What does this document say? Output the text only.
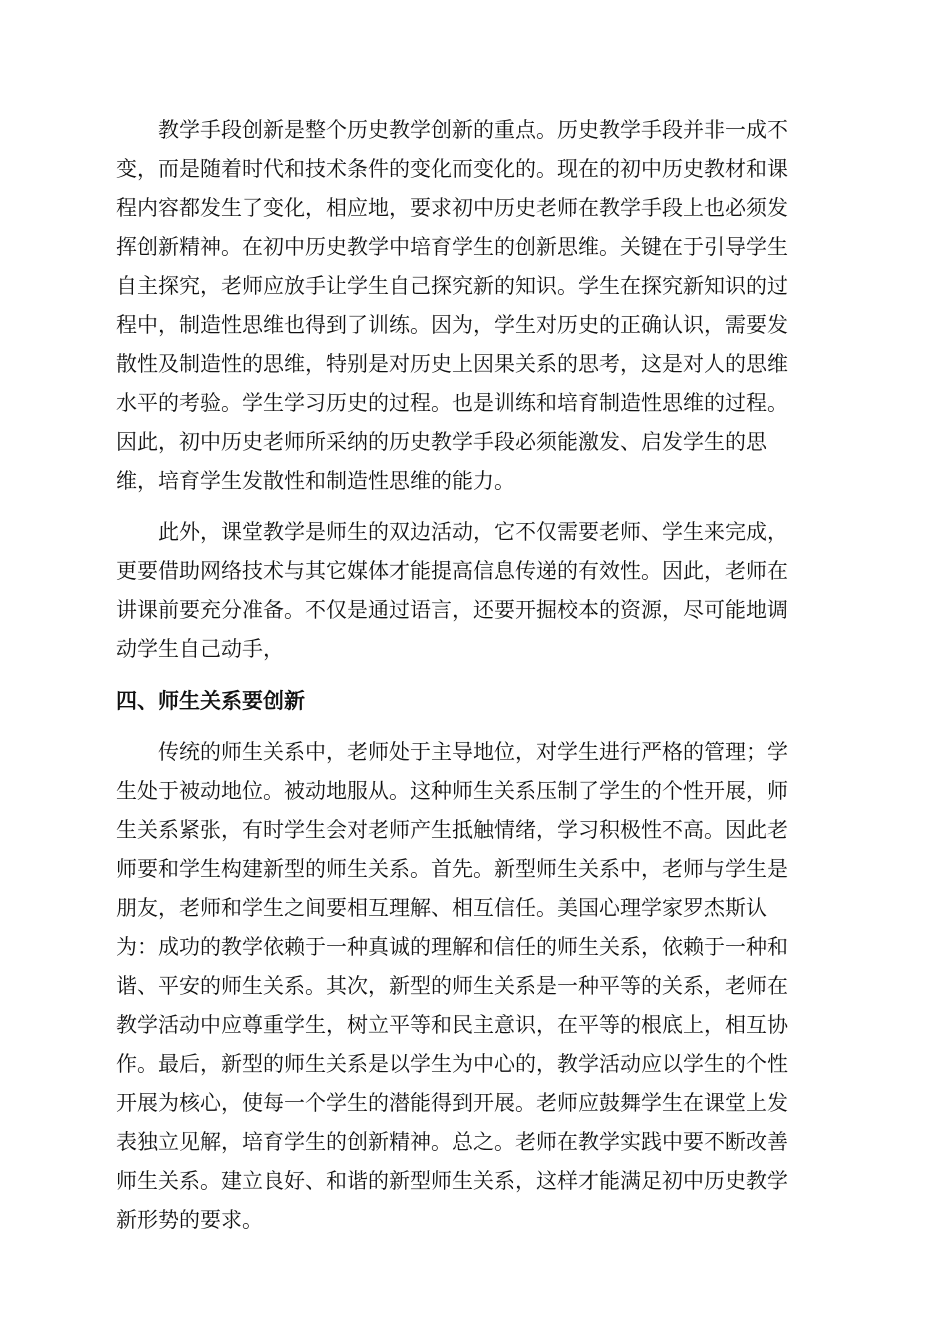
　　教学手段创新是整个历史教学创新的重点。历史教学手段并非一成不

变，而是随着时代和技术条件的变化而变化的。现在的初中历史教材和课

程内容都发生了变化，相应地，要求初中历史老师在教学手段上也必须发

挥创新精神。在初中历史教学中培育学生的创新思维。关键在于引导学生

自主探究，老师应放手让学生自己探究新的知识。学生在探究新知识的过

程中，制造性思维也得到了训练。因为，学生对历史的正确认识，需要发

散性及制造性的思维，特别是对历史上因果关系的思考，这是对人的思维

水平的考验。学生学习历史的过程。也是训练和培育制造性思维的过程。

因此，初中历史老师所采纳的历史教学手段必须能激发、启发学生的思

维，培育学生发散性和制造性思维的能力。

　　此外，课堂教学是师生的双边活动，它不仅需要老师、学生来完成，

更要借助网络技术与其它媒体才能提高信息传递的有效性。因此，老师在

讲课前要充分准备。不仅是通过语言，还要开掘校本的资源，尽可能地调

动学生自己动手，

四、师生关系要创新

　　传统的师生关系中，老师处于主导地位，对学生进行严格的管理；学

生处于被动地位。被动地服从。这种师生关系压制了学生的个性开展，师

生关系紧张，有时学生会对老师产生抵触情绪，学习积极性不高。因此老

师要和学生构建新型的师生关系。首先。新型师生关系中，老师与学生是

朋友，老师和学生之间要相互理解、相互信任。美国心理学家罗杰斯认

为：成功的教学依赖于一种真诚的理解和信任的师生关系，依赖于一种和

谐、平安的师生关系。其次，新型的师生关系是一种平等的关系，老师在

教学活动中应尊重学生，树立平等和民主意识，在平等的根底上，相互协

作。最后，新型的师生关系是以学生为中心的，教学活动应以学生的个性

开展为核心，使每一个学生的潜能得到开展。老师应鼓舞学生在课堂上发

表独立见解，培育学生的创新精神。总之。老师在教学实践中要不断改善

师生关系。建立良好、和谐的新型师生关系，这样才能满足初中历史教学

新形势的要求。
